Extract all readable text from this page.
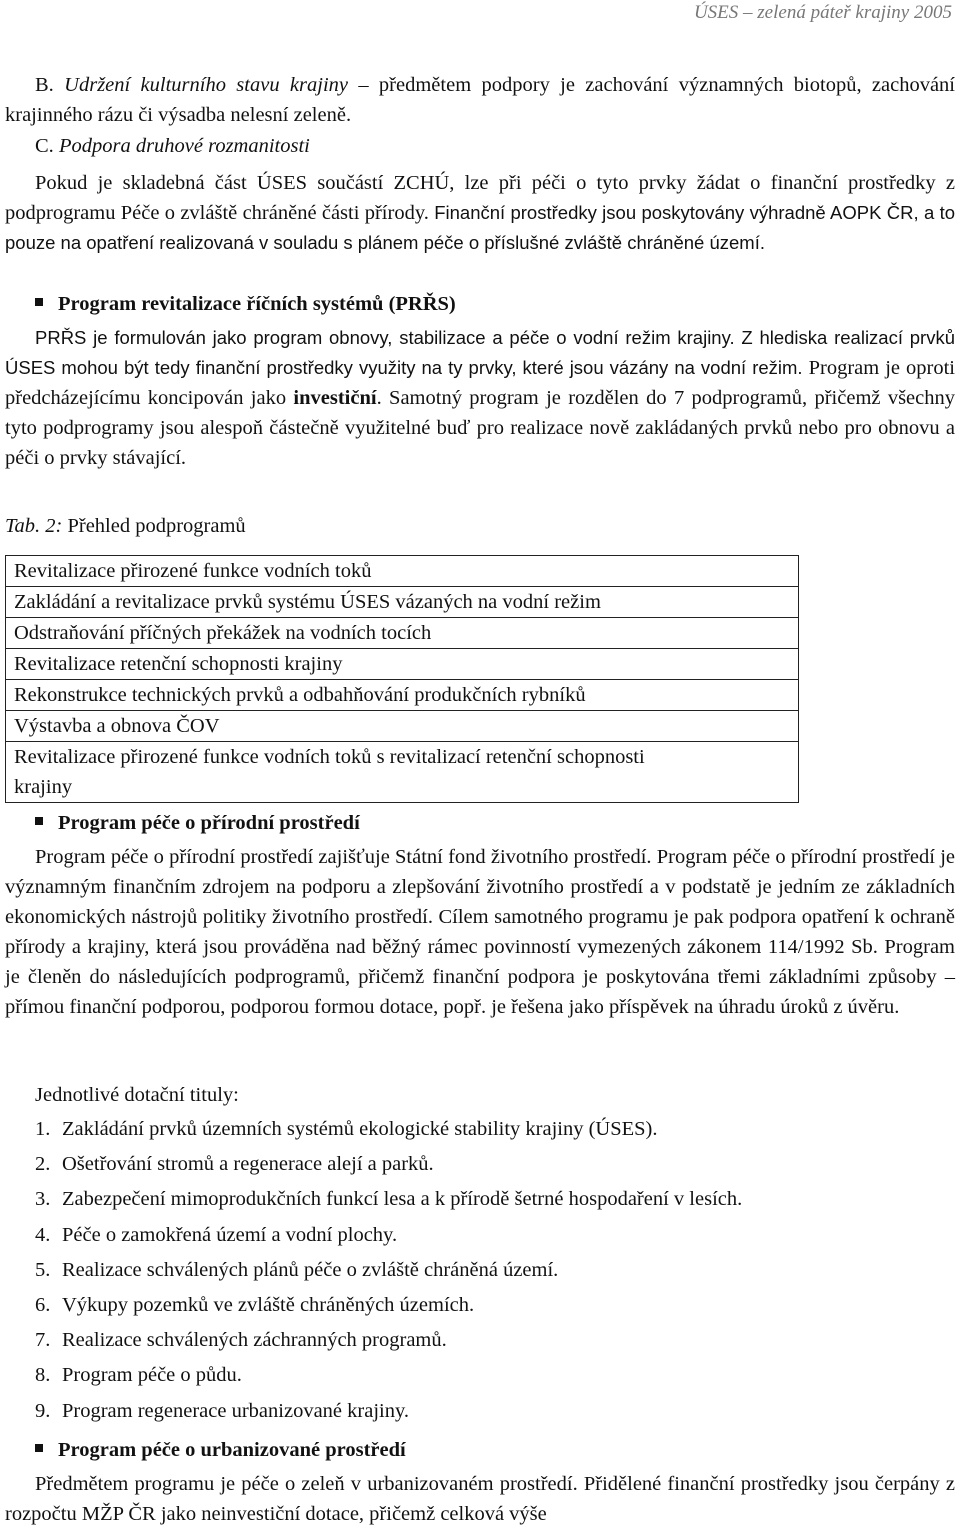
ÚSES – zelená páteř krajiny 2005
B. Udržení kulturního stavu krajiny – předmětem podpory je zachování významných biotopů, zachování krajinného rázu či výsadba nelesní zeleně.
C. Podpora druhové rozmanitosti
Pokud je skladebná část ÚSES součástí ZCHÚ, lze při péči o tyto prvky žádat o finanční prostředky z podprogramu Péče o zvláště chráněné části přírody. Finanční prostředky jsou poskytovány výhradně AOPK ČR, a to pouze na opatření realizovaná v souladu s plánem péče o příslušné zvláště chráněné území.
Program revitalizace říčních systémů (PRŘS)
PRŘS je formulován jako program obnovy, stabilizace a péče o vodní režim krajiny. Z hlediska realizací prvků ÚSES mohou být tedy finanční prostředky využity na ty prvky, které jsou vázány na vodní režim. Program je oproti předcházejícímu koncipován jako investiční. Samotný program je rozdělen do 7 podprogramů, přičemž všechny tyto podprogramy jsou alespoň částečně využitelné buď pro realizace nově zakládaných prvků nebo pro obnovu a péči o prvky stávající.
Tab. 2: Přehled podprogramů
Revitalizace přirozené funkce vodních toků
Zakládání a revitalizace prvků systému ÚSES vázaných na vodní režim
Odstraňování příčných překážek na vodních tocích
Revitalizace retenční schopnosti krajiny
Rekonstrukce technických prvků a odbahňování produkčních rybníků
Výstavba a obnova ČOV
Revitalizace přirozené funkce vodních toků s revitalizací retenční schopnosti krajiny
Program péče o přírodní prostředí
Program péče o přírodní prostředí zajišťuje Státní fond životního prostředí. Program péče o přírodní prostředí je významným finančním zdrojem na podporu a zlepšování životního prostředí a v podstatě je jedním ze základních ekonomických nástrojů politiky životního prostředí. Cílem samotného programu je pak podpora opatření k ochraně přírody a krajiny, která jsou prováděna nad běžný rámec povinností vymezených zákonem 114/1992 Sb. Program je členěn do následujících podprogramů, přičemž finanční podpora je poskytována třemi základními způsoby – přímou finanční podporou, podporou formou dotace, popř. je řešena jako příspěvek na úhradu úroků z úvěru.
Jednotlivé dotační tituly:
1. Zakládání prvků územních systémů ekologické stability krajiny (ÚSES).
2. Ošetřování stromů a regenerace alejí a parků.
3. Zabezpečení mimoprodukčních funkcí lesa a k přírodě šetrné hospodaření v lesích.
4. Péče o zamokřená území a vodní plochy.
5. Realizace schválených plánů péče o zvláště chráněná území.
6. Výkupy pozemků ve zvláště chráněných územích.
7. Realizace schválených záchranných programů.
8. Program péče o půdu.
9. Program regenerace urbanizované krajiny.
Program péče o urbanizované prostředí
Předmětem programu je péče o zeleň v urbanizovaném prostředí. Přidělené finanční prostředky jsou čerpány z rozpočtu MŽP ČR jako neinvestiční dotace, přičemž celková výše
